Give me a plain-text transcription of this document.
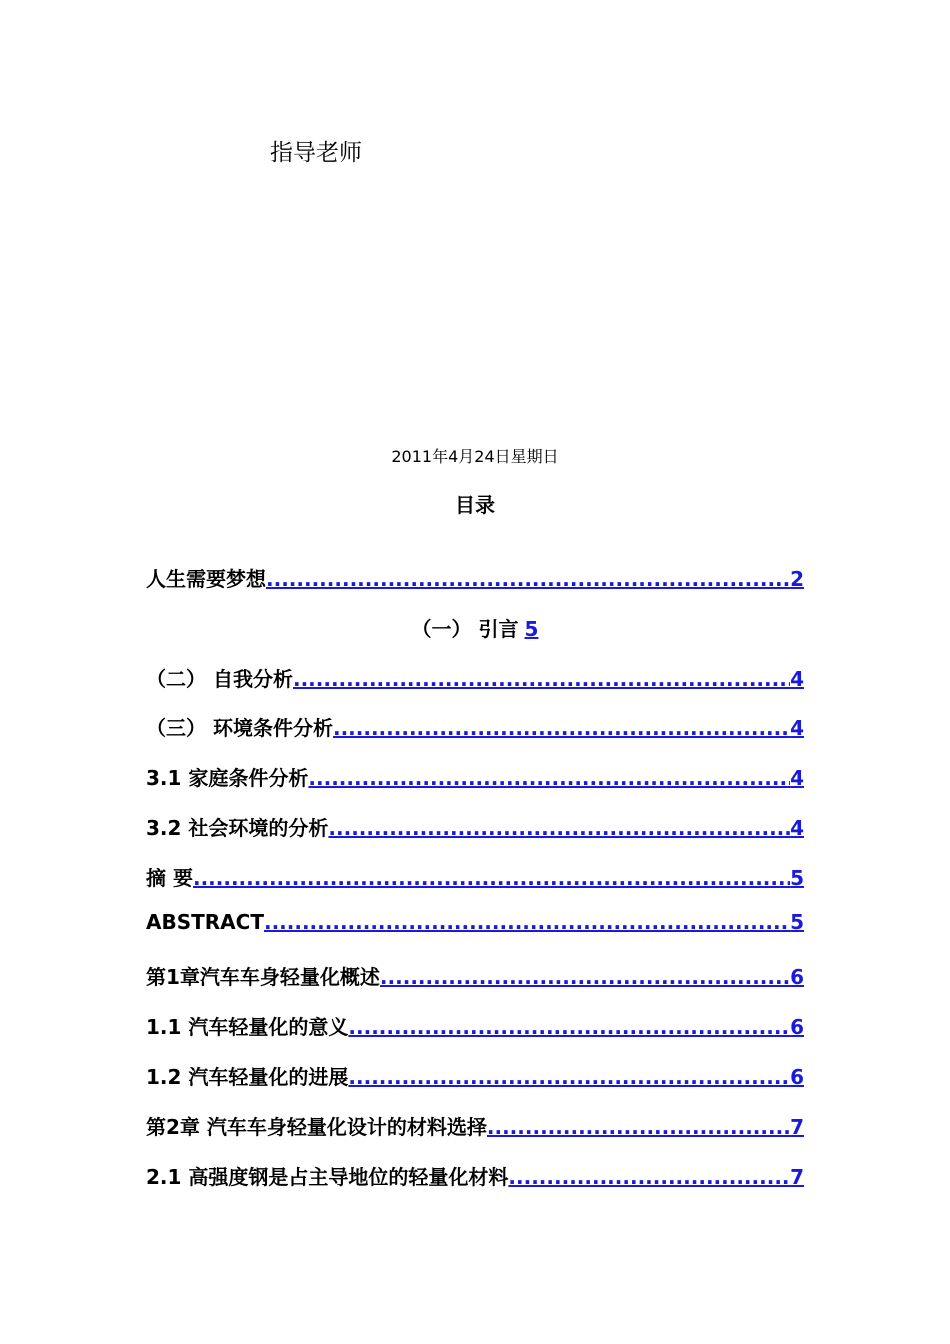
指导老师
2011年4月24日星期日
目录
人生需要梦想 .....	2
（一） 引言 5
（二） 自我分析 .....	4
（三） 环境条件分析 .....	4
3.1 家庭条件分析 .....	4
3.2 社会环境的分析 .....	4
摘 要 .....	5
ABSTRACT .....	5
第1章汽车车身轻量化概述 .....	6
1.1 汽车轻量化的意义 .....	6
1.2 汽车轻量化的进展 .....	6
第2章 汽车车身轻量化设计的材料选择 .....	7
2.1 高强度钢是占主导地位的轻量化材料 .....	7
